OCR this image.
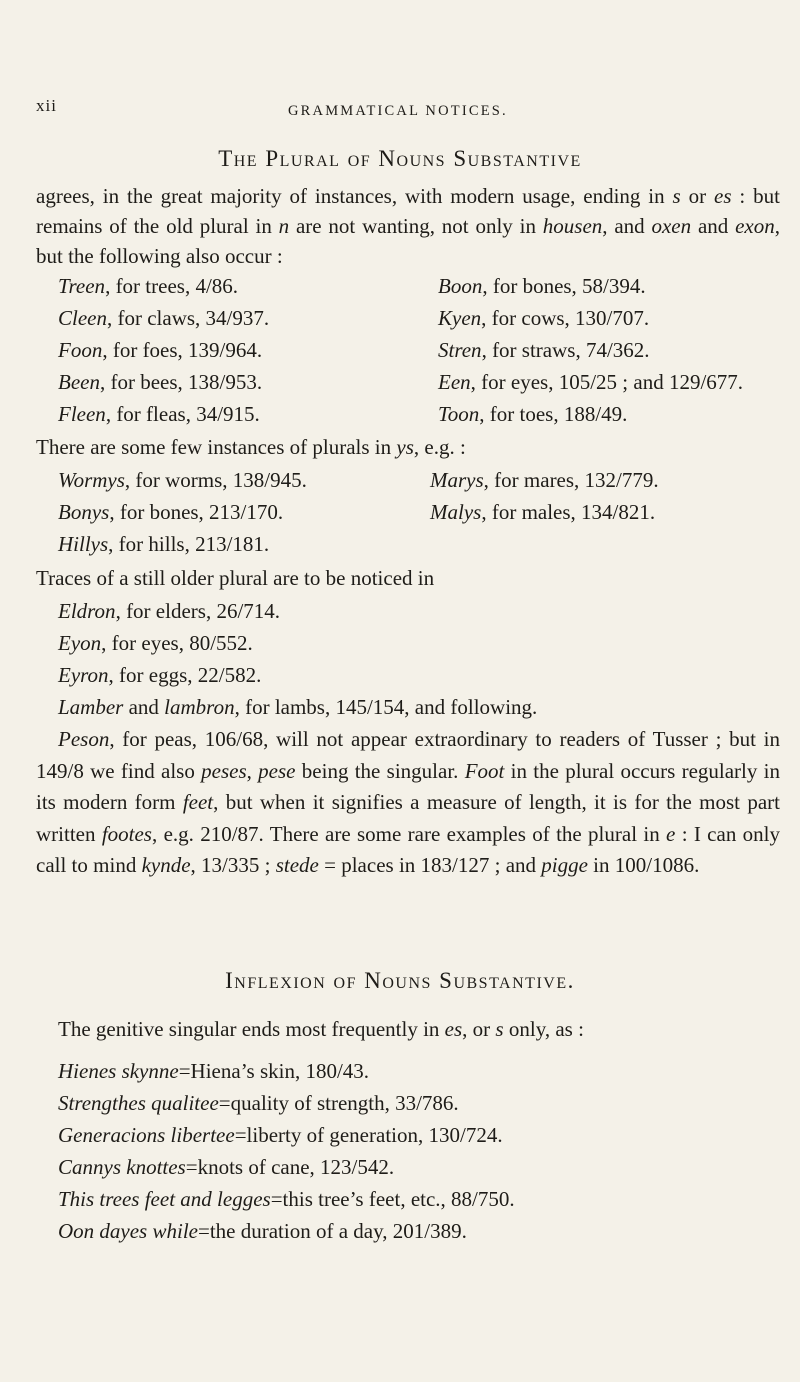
xii	GRAMMATICAL NOTICES.
The Plural of Nouns Substantive
agrees, in the great majority of instances, with modern usage, ending in s or es : but remains of the old plural in n are not wanting, not only in housen, and oxen and exon, but the following also occur :
Treen, for trees, 4/86.
Cleen, for claws, 34/937.
Foon, for foes, 139/964.
Been, for bees, 138/953.
Fleen, for fleas, 34/915.
Boon, for bones, 58/394.
Kyen, for cows, 130/707.
Stren, for straws, 74/362.
Een, for eyes, 105/25 ; and 129/677.
Toon, for toes, 188/49.
There are some few instances of plurals in ys, e.g. :
Wormys, for worms, 138/945.
Bonys, for bones, 213/170.
Hillys, for hills, 213/181.
Marys, for mares, 132/779.
Malys, for males, 134/821.
Traces of a still older plural are to be noticed in
Eldron, for elders, 26/714.
Eyon, for eyes, 80/552.
Eyron, for eggs, 22/582.
Lamber and lambron, for lambs, 145/154, and following.
Peson, for peas, 106/68, will not appear extraordinary to readers of Tusser ; but in 149/8 we find also peses, pese being the singular. Foot in the plural occurs regularly in its modern form feet, but when it signifies a measure of length, it is for the most part written footes, e.g. 210/87. There are some rare examples of the plural in e : I can only call to mind kynde, 13/335 ; stede = places in 183/127 ; and pigge in 100/1086.
Inflexion of Nouns Substantive.
The genitive singular ends most frequently in es, or s only, as :
Hienes skynne=Hiena’s skin, 180/43.
Strengthes qualitee=quality of strength, 33/786.
Generacions libertee=liberty of generation, 130/724.
Cannys knottes=knots of cane, 123/542.
This trees feet and legges=this tree’s feet, etc., 88/750.
Oon dayes while=the duration of a day, 201/389.
